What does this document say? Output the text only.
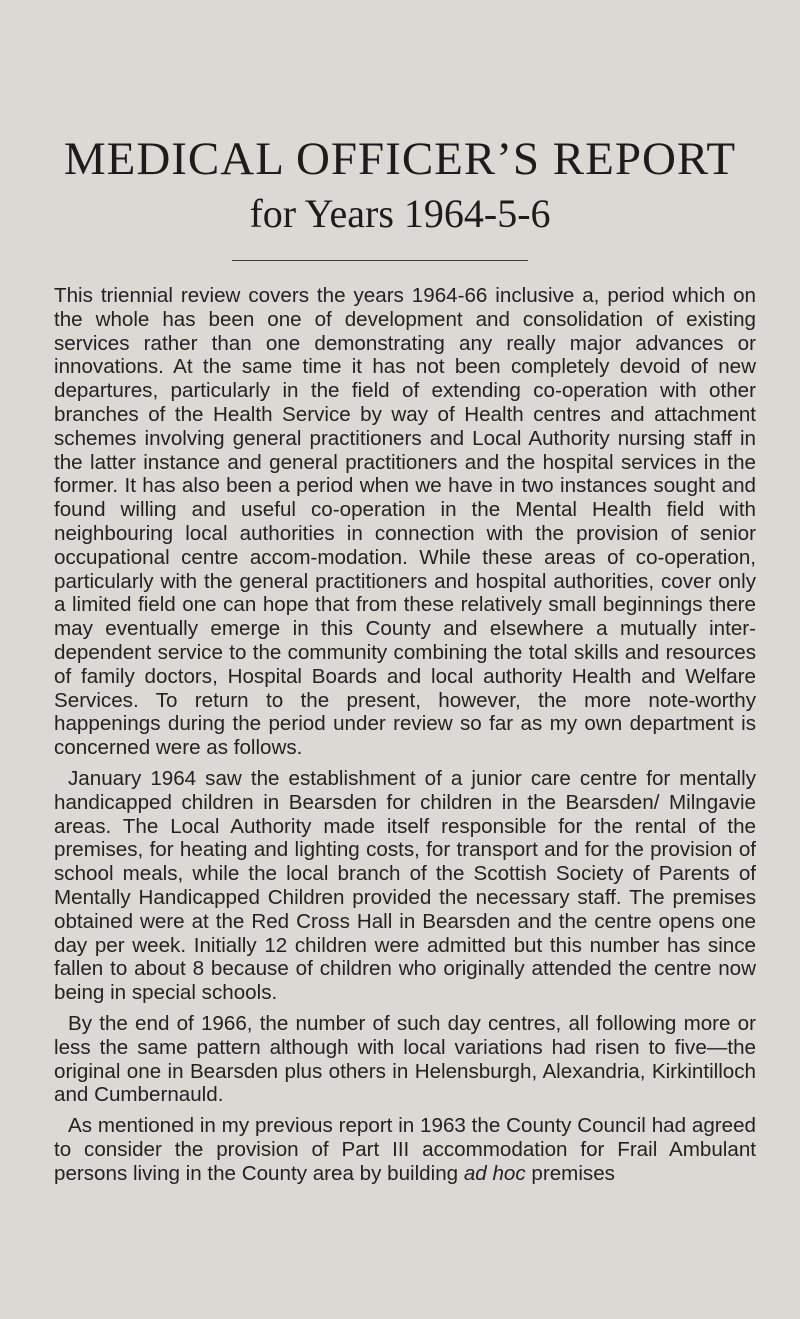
MEDICAL OFFICER’S REPORT
for Years 1964-5-6

This triennial review covers the years 1964-66 inclusive a, period which on the whole has been one of development and consolidation of existing services rather than one demonstrating any really major advances or innovations. At the same time it has not been completely devoid of new departures, particularly in the field of extending co-operation with other branches of the Health Service by way of Health centres and attachment schemes involving general practitioners and Local Authority nursing staff in the latter instance and general practitioners and the hospital services in the former. It has also been a period when we have in two instances sought and found willing and useful co-operation in the Mental Health field with neighbouring local authorities in connection with the provision of senior occupational centre accom-modation. While these areas of co-operation, particularly with the general practitioners and hospital authorities, cover only a limited field one can hope that from these relatively small beginnings there may eventually emerge in this County and elsewhere a mutually inter-dependent service to the community combining the total skills and resources of family doctors, Hospital Boards and local authority Health and Welfare Services. To return to the present, however, the more note-worthy happenings during the period under review so far as my own department is concerned were as follows.

January 1964 saw the establishment of a junior care centre for mentally handicapped children in Bearsden for children in the Bearsden/ Milngavie areas. The Local Authority made itself responsible for the rental of the premises, for heating and lighting costs, for transport and for the provision of school meals, while the local branch of the Scottish Society of Parents of Mentally Handicapped Children provided the necessary staff. The premises obtained were at the Red Cross Hall in Bearsden and the centre opens one day per week. Initially 12 children were admitted but this number has since fallen to about 8 because of children who originally attended the centre now being in special schools.

By the end of 1966, the number of such day centres, all following more or less the same pattern although with local variations had risen to five—the original one in Bearsden plus others in Helensburgh, Alexandria, Kirkintilloch and Cumbernauld.

As mentioned in my previous report in 1963 the County Council had agreed to consider the provision of Part III accommodation for Frail Ambulant persons living in the County area by building ad hoc premises
